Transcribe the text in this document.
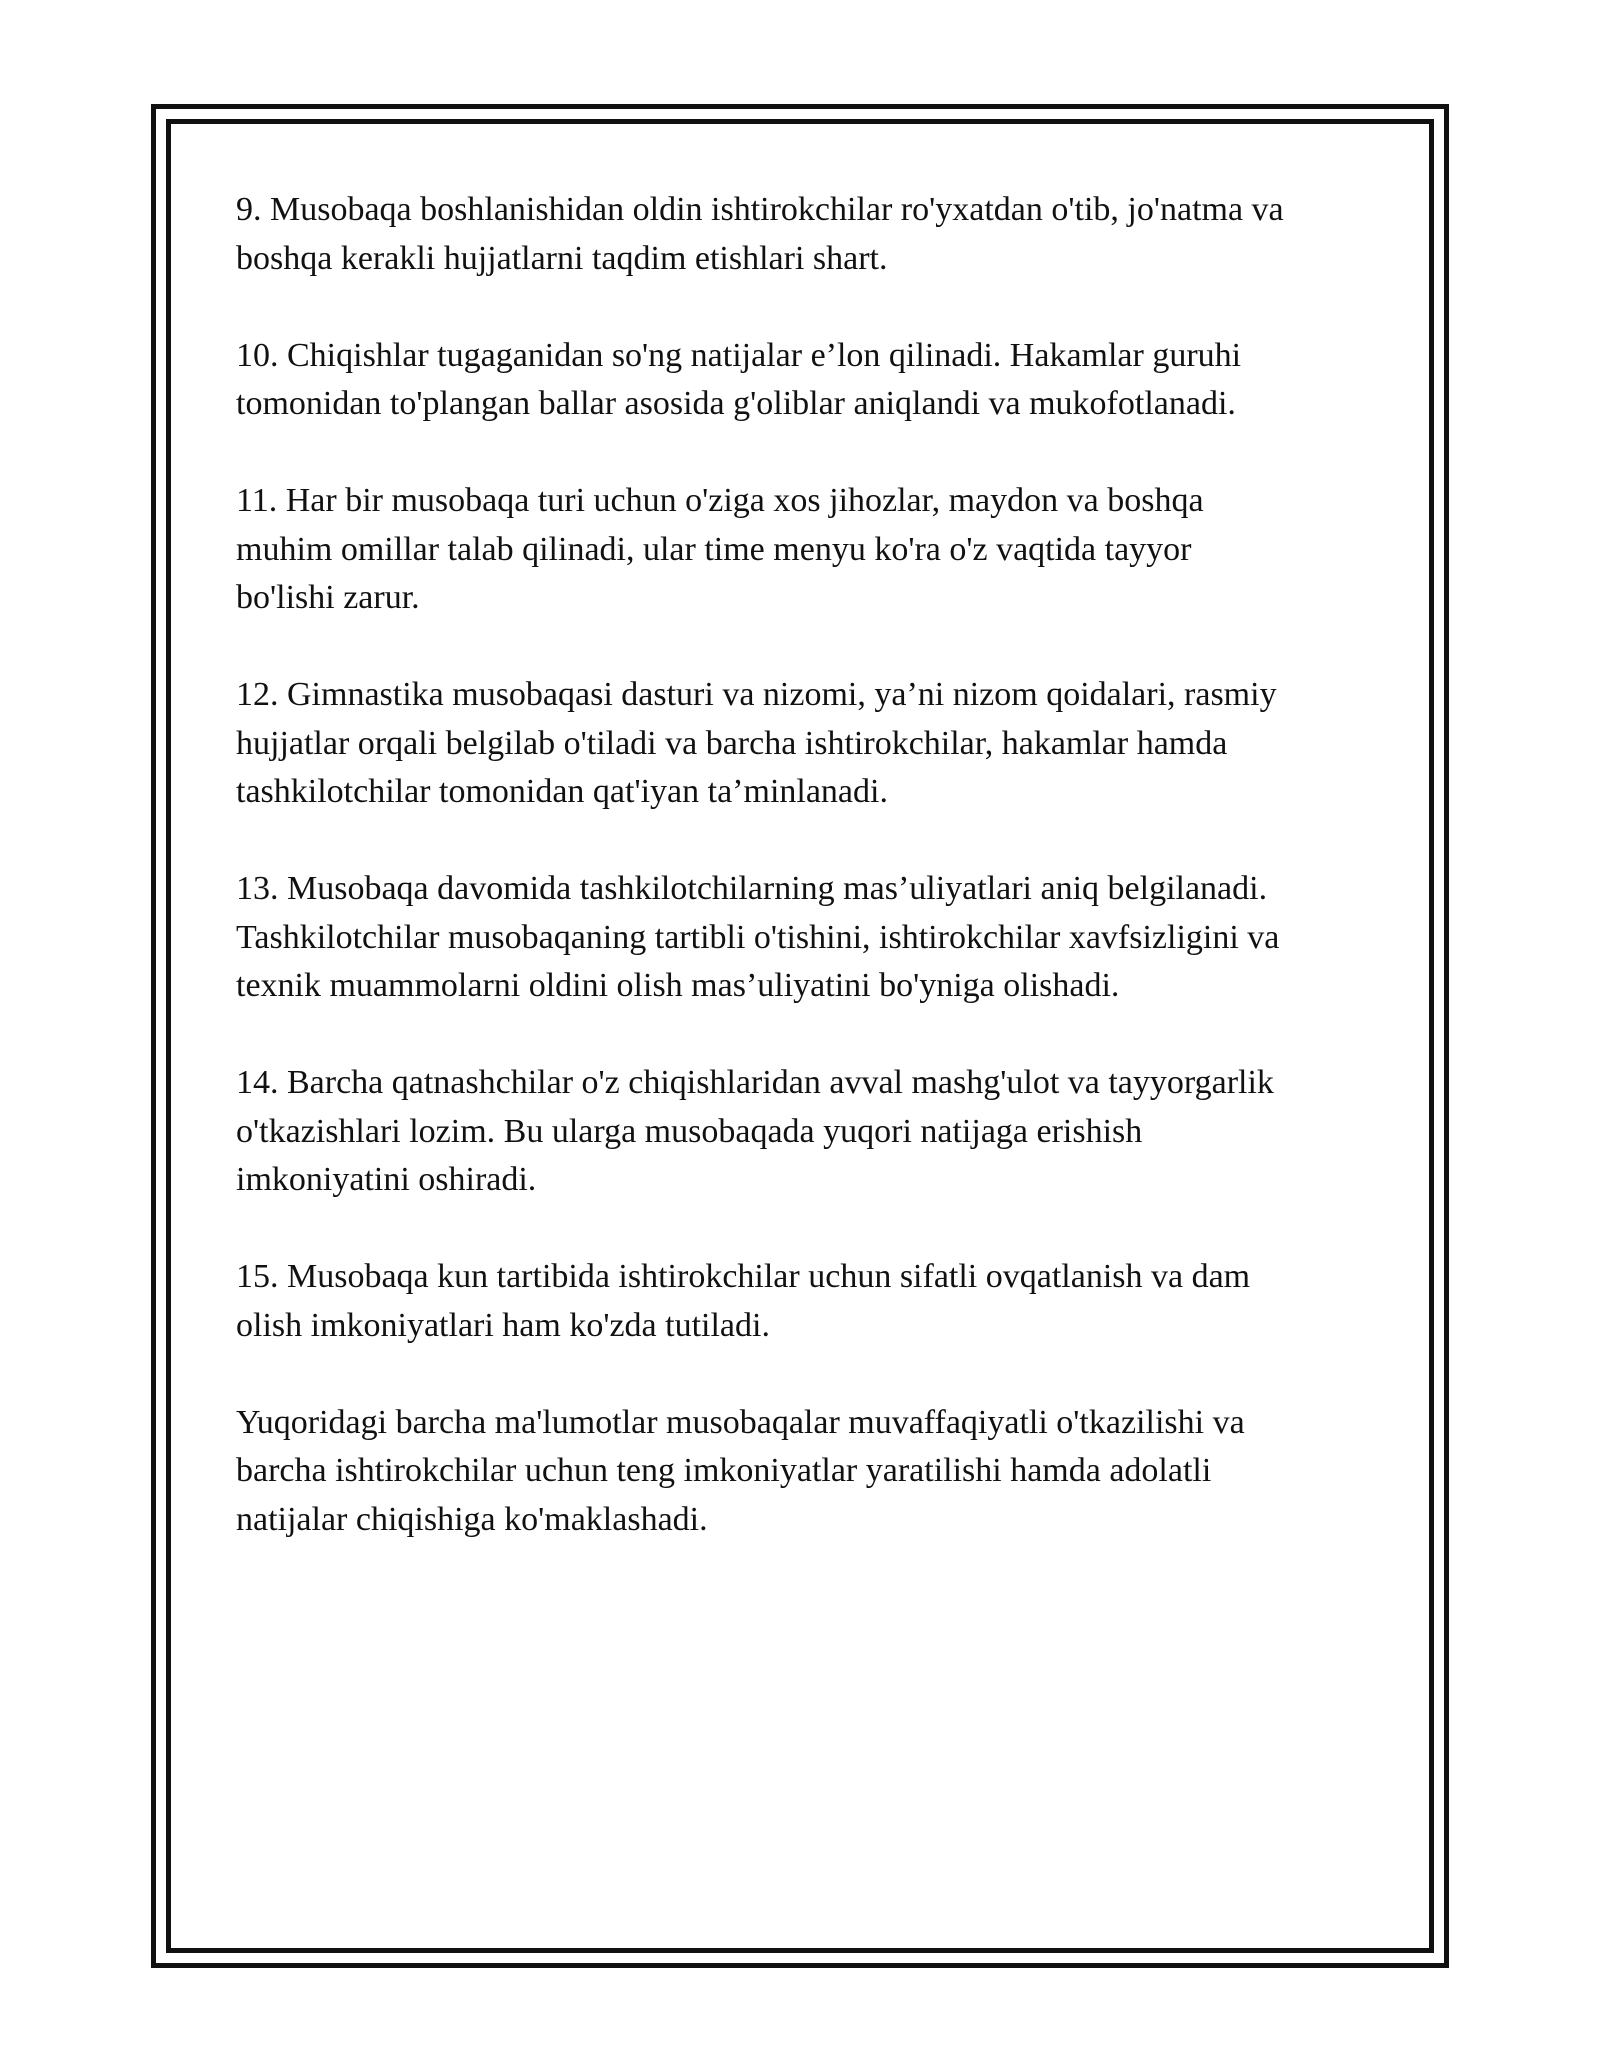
9. Musobaqa boshlanishidan oldin ishtirokchilar ro'yxatdan o'tib, jo'natma va
boshqa kerakli hujjatlarni taqdim etishlari shart.

10. Chiqishlar tugaganidan so'ng natijalar e’lon qilinadi. Hakamlar guruhi
tomonidan to'plangan ballar asosida g'oliblar aniqlandi va mukofotlanadi.

11. Har bir musobaqa turi uchun o'ziga xos jihozlar, maydon va boshqa
muhim omillar talab qilinadi, ular time menyu ko'ra o'z vaqtida tayyor
bo'lishi zarur.

12. Gimnastika musobaqasi dasturi va nizomi, ya’ni nizom qoidalari, rasmiy
hujjatlar orqali belgilab o'tiladi va barcha ishtirokchilar, hakamlar hamda
tashkilotchilar tomonidan qat'iyan ta’minlanadi.

13. Musobaqa davomida tashkilotchilarning mas’uliyatlari aniq belgilanadi.
Tashkilotchilar musobaqaning tartibli o'tishini, ishtirokchilar xavfsizligini va
texnik muammolarni oldini olish mas’uliyatini bo'yniga olishadi.

14. Barcha qatnashchilar o'z chiqishlaridan avval mashg'ulot va tayyorgarlik
o'tkazishlari lozim. Bu ularga musobaqada yuqori natijaga erishish
imkoniyatini oshiradi.

15. Musobaqa kun tartibida ishtirokchilar uchun sifatli ovqatlanish va dam
olish imkoniyatlari ham ko'zda tutiladi.

Yuqoridagi barcha ma'lumotlar musobaqalar muvaffaqiyatli o'tkazilishi va
barcha ishtirokchilar uchun teng imkoniyatlar yaratilishi hamda adolatli
natijalar chiqishiga ko'maklashadi.
